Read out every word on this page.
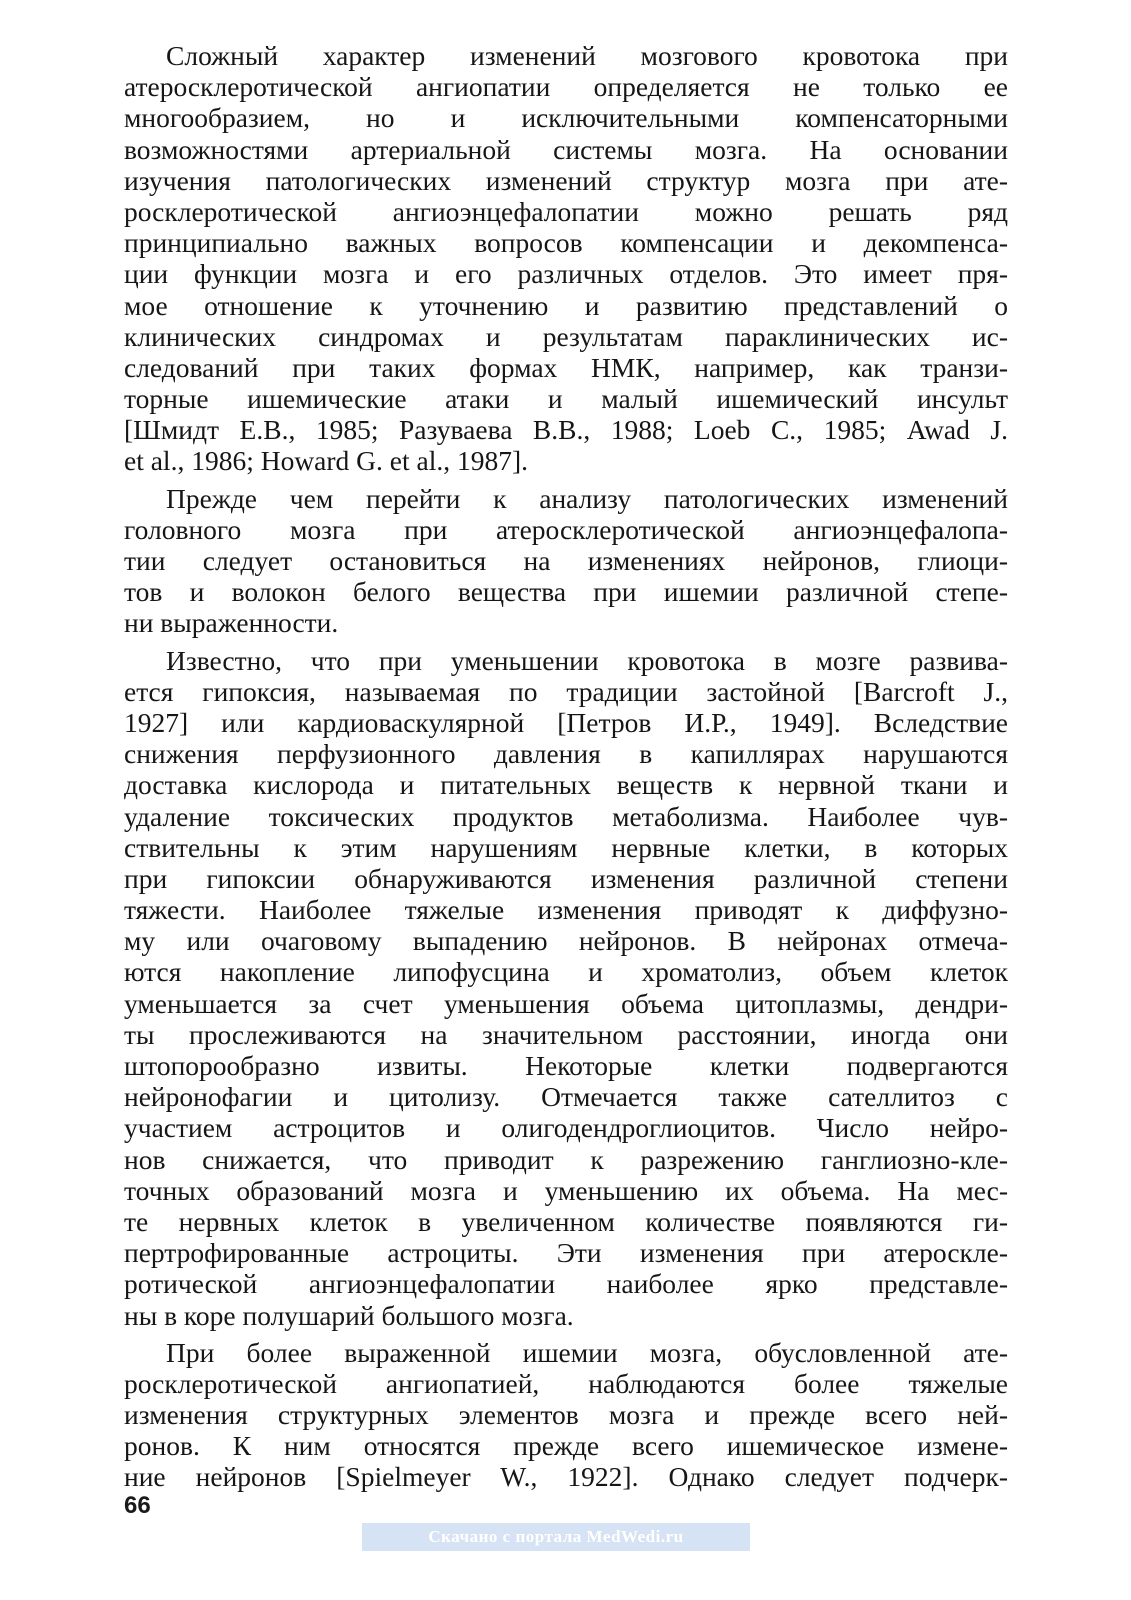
Сложный характер изменений мозгового кровотока при
атеросклеротической ангиопатии определяется не только ее
многообразием, но и исключительными компенсаторными
возможностями артериальной системы мозга. На основании
изучения патологических изменений структур мозга при ате-
росклеротической ангиоэнцефалопатии можно решать ряд
принципиально важных вопросов компенсации и декомпенса-
ции функции мозга и его различных отделов. Это имеет пря-
мое отношение к уточнению и развитию представлений о
клинических синдромах и результатам параклинических ис-
следований при таких формах НМК, например, как транзи-
торные ишемические атаки и малый ишемический инсульт
[Шмидт Е.В., 1985; Разуваева В.В., 1988; Loeb С., 1985; Awad J.
et al., 1986; Howard G. et al., 1987].
Прежде чем перейти к анализу патологических изменений
головного мозга при атеросклеротической ангиоэнцефалопа-
тии следует остановиться на изменениях нейронов, глиоци-
тов и волокон белого вещества при ишемии различной степе-
ни выраженности.
Известно, что при уменьшении кровотока в мозге развива-
ется гипоксия, называемая по традиции застойной [Barcroft J.,
1927] или кардиоваскулярной [Петров И.Р., 1949]. Вследствие
снижения перфузионного давления в капиллярах нарушаются
доставка кислорода и питательных веществ к нервной ткани и
удаление токсических продуктов метаболизма. Наиболее чув-
ствительны к этим нарушениям нервные клетки, в которых
при гипоксии обнаруживаются изменения различной степени
тяжести. Наиболее тяжелые изменения приводят к диффузно-
му или очаговому выпадению нейронов. В нейронах отмеча-
ются накопление липофусцина и хроматолиз, объем клеток
уменьшается за счет уменьшения объема цитоплазмы, дендри-
ты прослеживаются на значительном расстоянии, иногда они
штопорообразно извиты. Некоторые клетки подвергаются
нейронофагии и цитолизу. Отмечается также сателлитоз с
участием астроцитов и олигодендроглиоцитов. Число нейро-
нов снижается, что приводит к разрежению ганглиозно-кле-
точных образований мозга и уменьшению их объема. На мес-
те нервных клеток в увеличенном количестве появляются ги-
пертрофированные астроциты. Эти изменения при атероскле-
ротической ангиоэнцефалопатии наиболее ярко представле-
ны в коре полушарий большого мозга.
При более выраженной ишемии мозга, обусловленной ате-
росклеротической ангиопатией, наблюдаются более тяжелые
изменения структурных элементов мозга и прежде всего ней-
ронов. К ним относятся прежде всего ишемическое измене-
ние нейронов [Spielmeyer W., 1922]. Однако следует подчерк-
66
Скачано с портала MedWedi.ru
